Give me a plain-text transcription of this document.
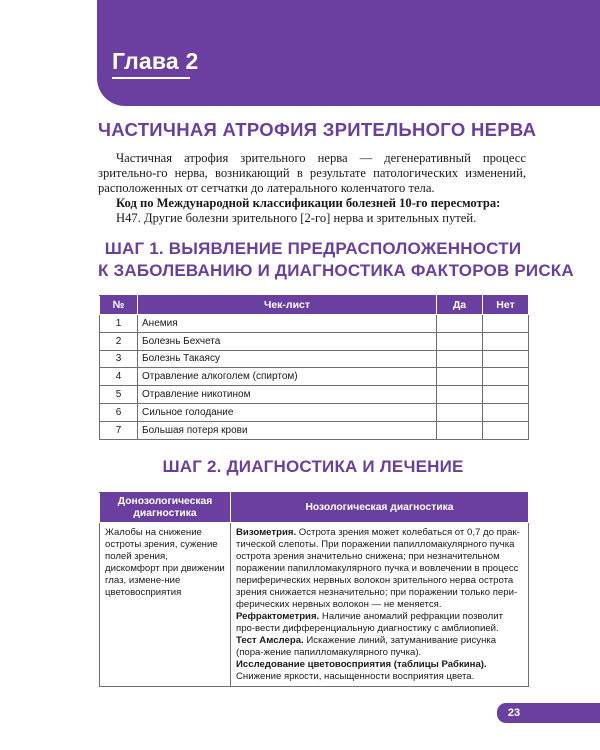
Глава 2
ЧАСТИЧНАЯ АТРОФИЯ ЗРИТЕЛЬНОГО НЕРВА

Частичная атрофия зрительного нерва — дегенеративный процесс зрительно-го нерва, возникающий в результате патологических изменений, расположенных от сетчатки до латерального коленчатого тела.

Код по Международной классификации болезней 10-го пересмотра:

H47. Другие болезни зрительного [2-го] нерва и зрительных путей.

ШАГ 1. ВЫЯВЛЕНИЕ ПРЕДРАСПОЛОЖЕННОСТИ
К ЗАБОЛЕВАНИЮ И ДИАГНОСТИКА ФАКТОРОВ РИСКА
№	Чек-лист	Да	Нет
1	Анемия		
2	Болезнь Бехчета		
3	Болезнь Такаясу		
4	Отравление алкоголем (спиртом)		
5	Отравление никотином		
6	Сильное голодание		
7	Большая потеря крови		
ШАГ 2. ДИАГНОСТИКА И ЛЕЧЕНИЕ
Донозологическая диагностика	Нозологическая диагностика
Жалобы на снижение остроты зрения, сужение полей зрения, дискомфорт при движении глаз, измене-ние цветовосприятия	Визометрия. Острота зрения может колебаться от 0,7 до прак-тической слепоты. При поражении папилломакулярного пучка острота зрения значительно снижена; при незначительном поражении папилломакулярного пучка и вовлечении в процесс периферических нервных волокон зрительного нерва острота зрения снижается незначительно; при поражении только пери-ферических нервных волокон — не меняется.

Рефрактометрия. Наличие аномалий рефракции позволит про-вести дифференциальную диагностику с амблиопией.

Тест Амслера. Искажение линий, затуманивание рисунка (пора-жение папилломакулярного пучка).

Исследование цветовосприятия (таблицы Рабкина). Снижение яркости, насыщенности восприятия цвета.

23
